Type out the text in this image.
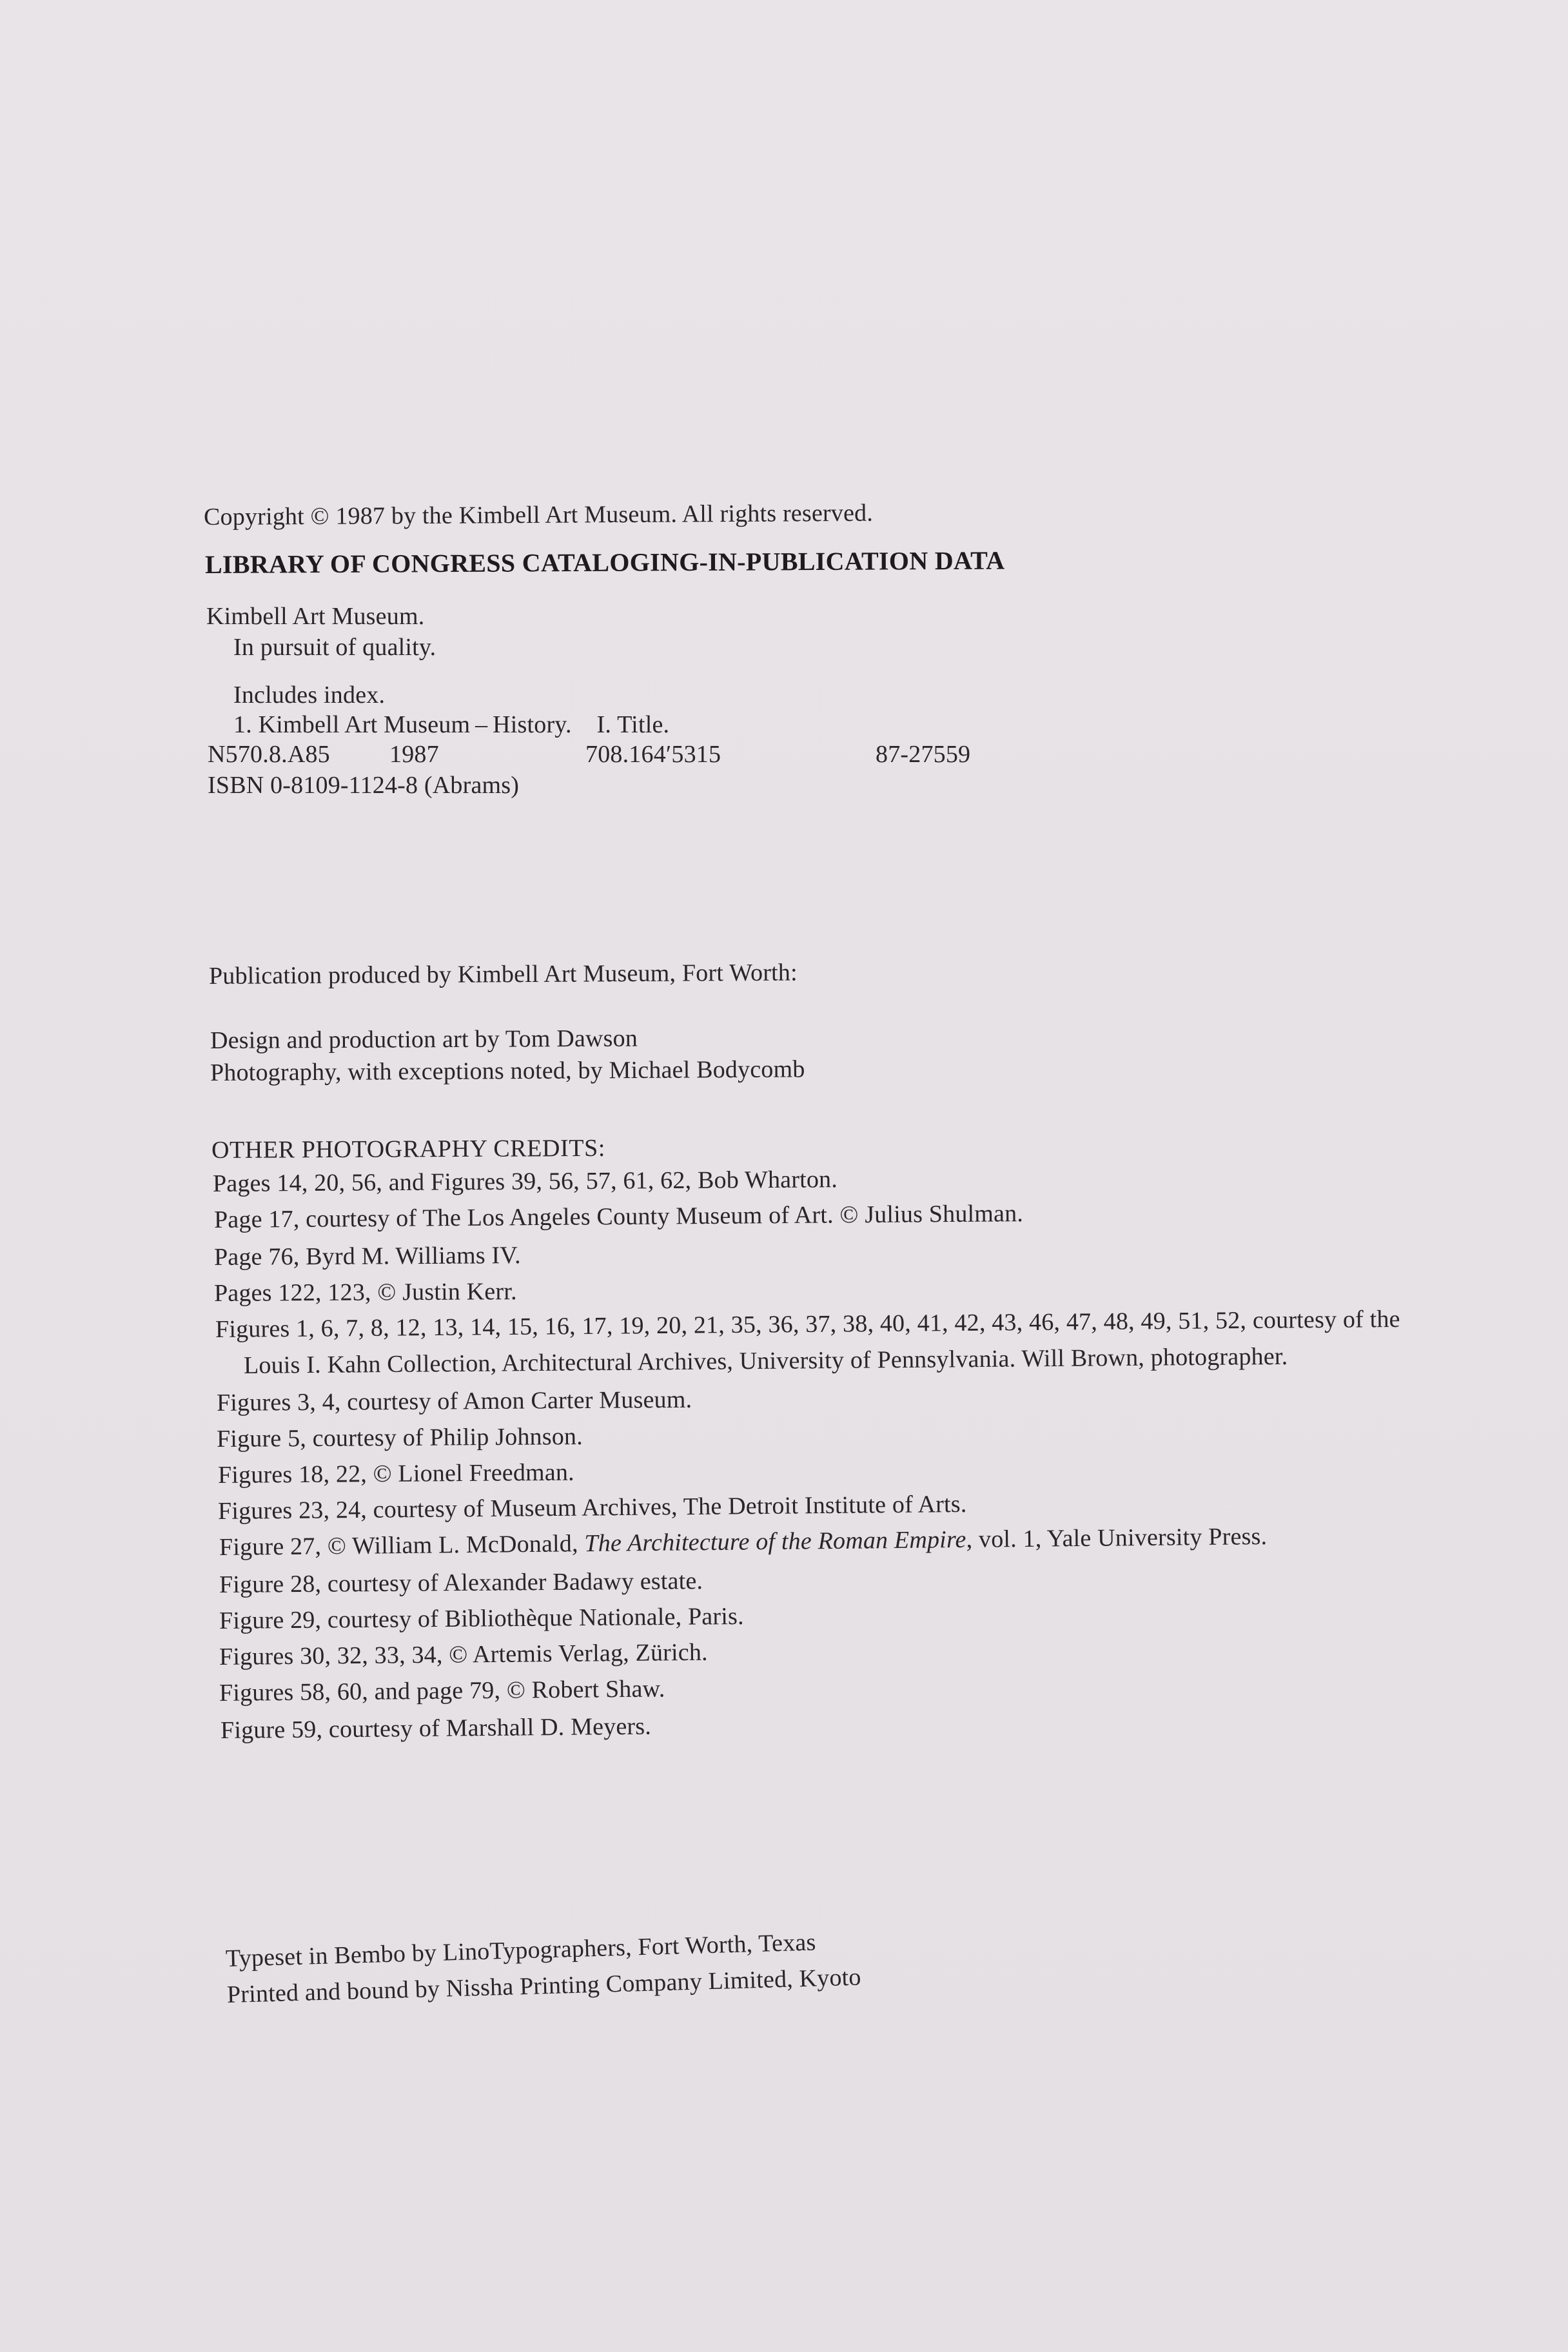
Copyright © 1987 by the Kimbell Art Museum. All rights reserved.
LIBRARY OF CONGRESS CATALOGING-IN-PUBLICATION DATA
Kimbell Art Museum.
In pursuit of quality.
Includes index.
1. Kimbell Art Museum – History.    I. Title.
N570.8.A85 1987	708.164′5315	87-27559
ISBN 0-8109-1124-8 (Abrams)
Publication produced by Kimbell Art Museum, Fort Worth:
Design and production art by Tom Dawson
Photography, with exceptions noted, by Michael Bodycomb
OTHER PHOTOGRAPHY CREDITS:
Pages 14, 20, 56, and Figures 39, 56, 57, 61, 62, Bob Wharton.
Page 17, courtesy of The Los Angeles County Museum of Art. © Julius Shulman.
Page 76, Byrd M. Williams IV.
Pages 122, 123, © Justin Kerr.
Figures 1, 6, 7, 8, 12, 13, 14, 15, 16, 17, 19, 20, 21, 35, 36, 37, 38, 40, 41, 42, 43, 46, 47, 48, 49, 51, 52, courtesy of the
Louis I. Kahn Collection, Architectural Archives, University of Pennsylvania. Will Brown, photographer.
Figures 3, 4, courtesy of Amon Carter Museum.
Figure 5, courtesy of Philip Johnson.
Figures 18, 22, © Lionel Freedman.
Figures 23, 24, courtesy of Museum Archives, The Detroit Institute of Arts.
Figure 27, © William L. McDonald, The Architecture of the Roman Empire, vol. 1, Yale University Press.
Figure 28, courtesy of Alexander Badawy estate.
Figure 29, courtesy of Bibliothèque Nationale, Paris.
Figures 30, 32, 33, 34, © Artemis Verlag, Zürich.
Figures 58, 60, and page 79, © Robert Shaw.
Figure 59, courtesy of Marshall D. Meyers.
Typeset in Bembo by LinoTypographers, Fort Worth, Texas
Printed and bound by Nissha Printing Company Limited, Kyoto
